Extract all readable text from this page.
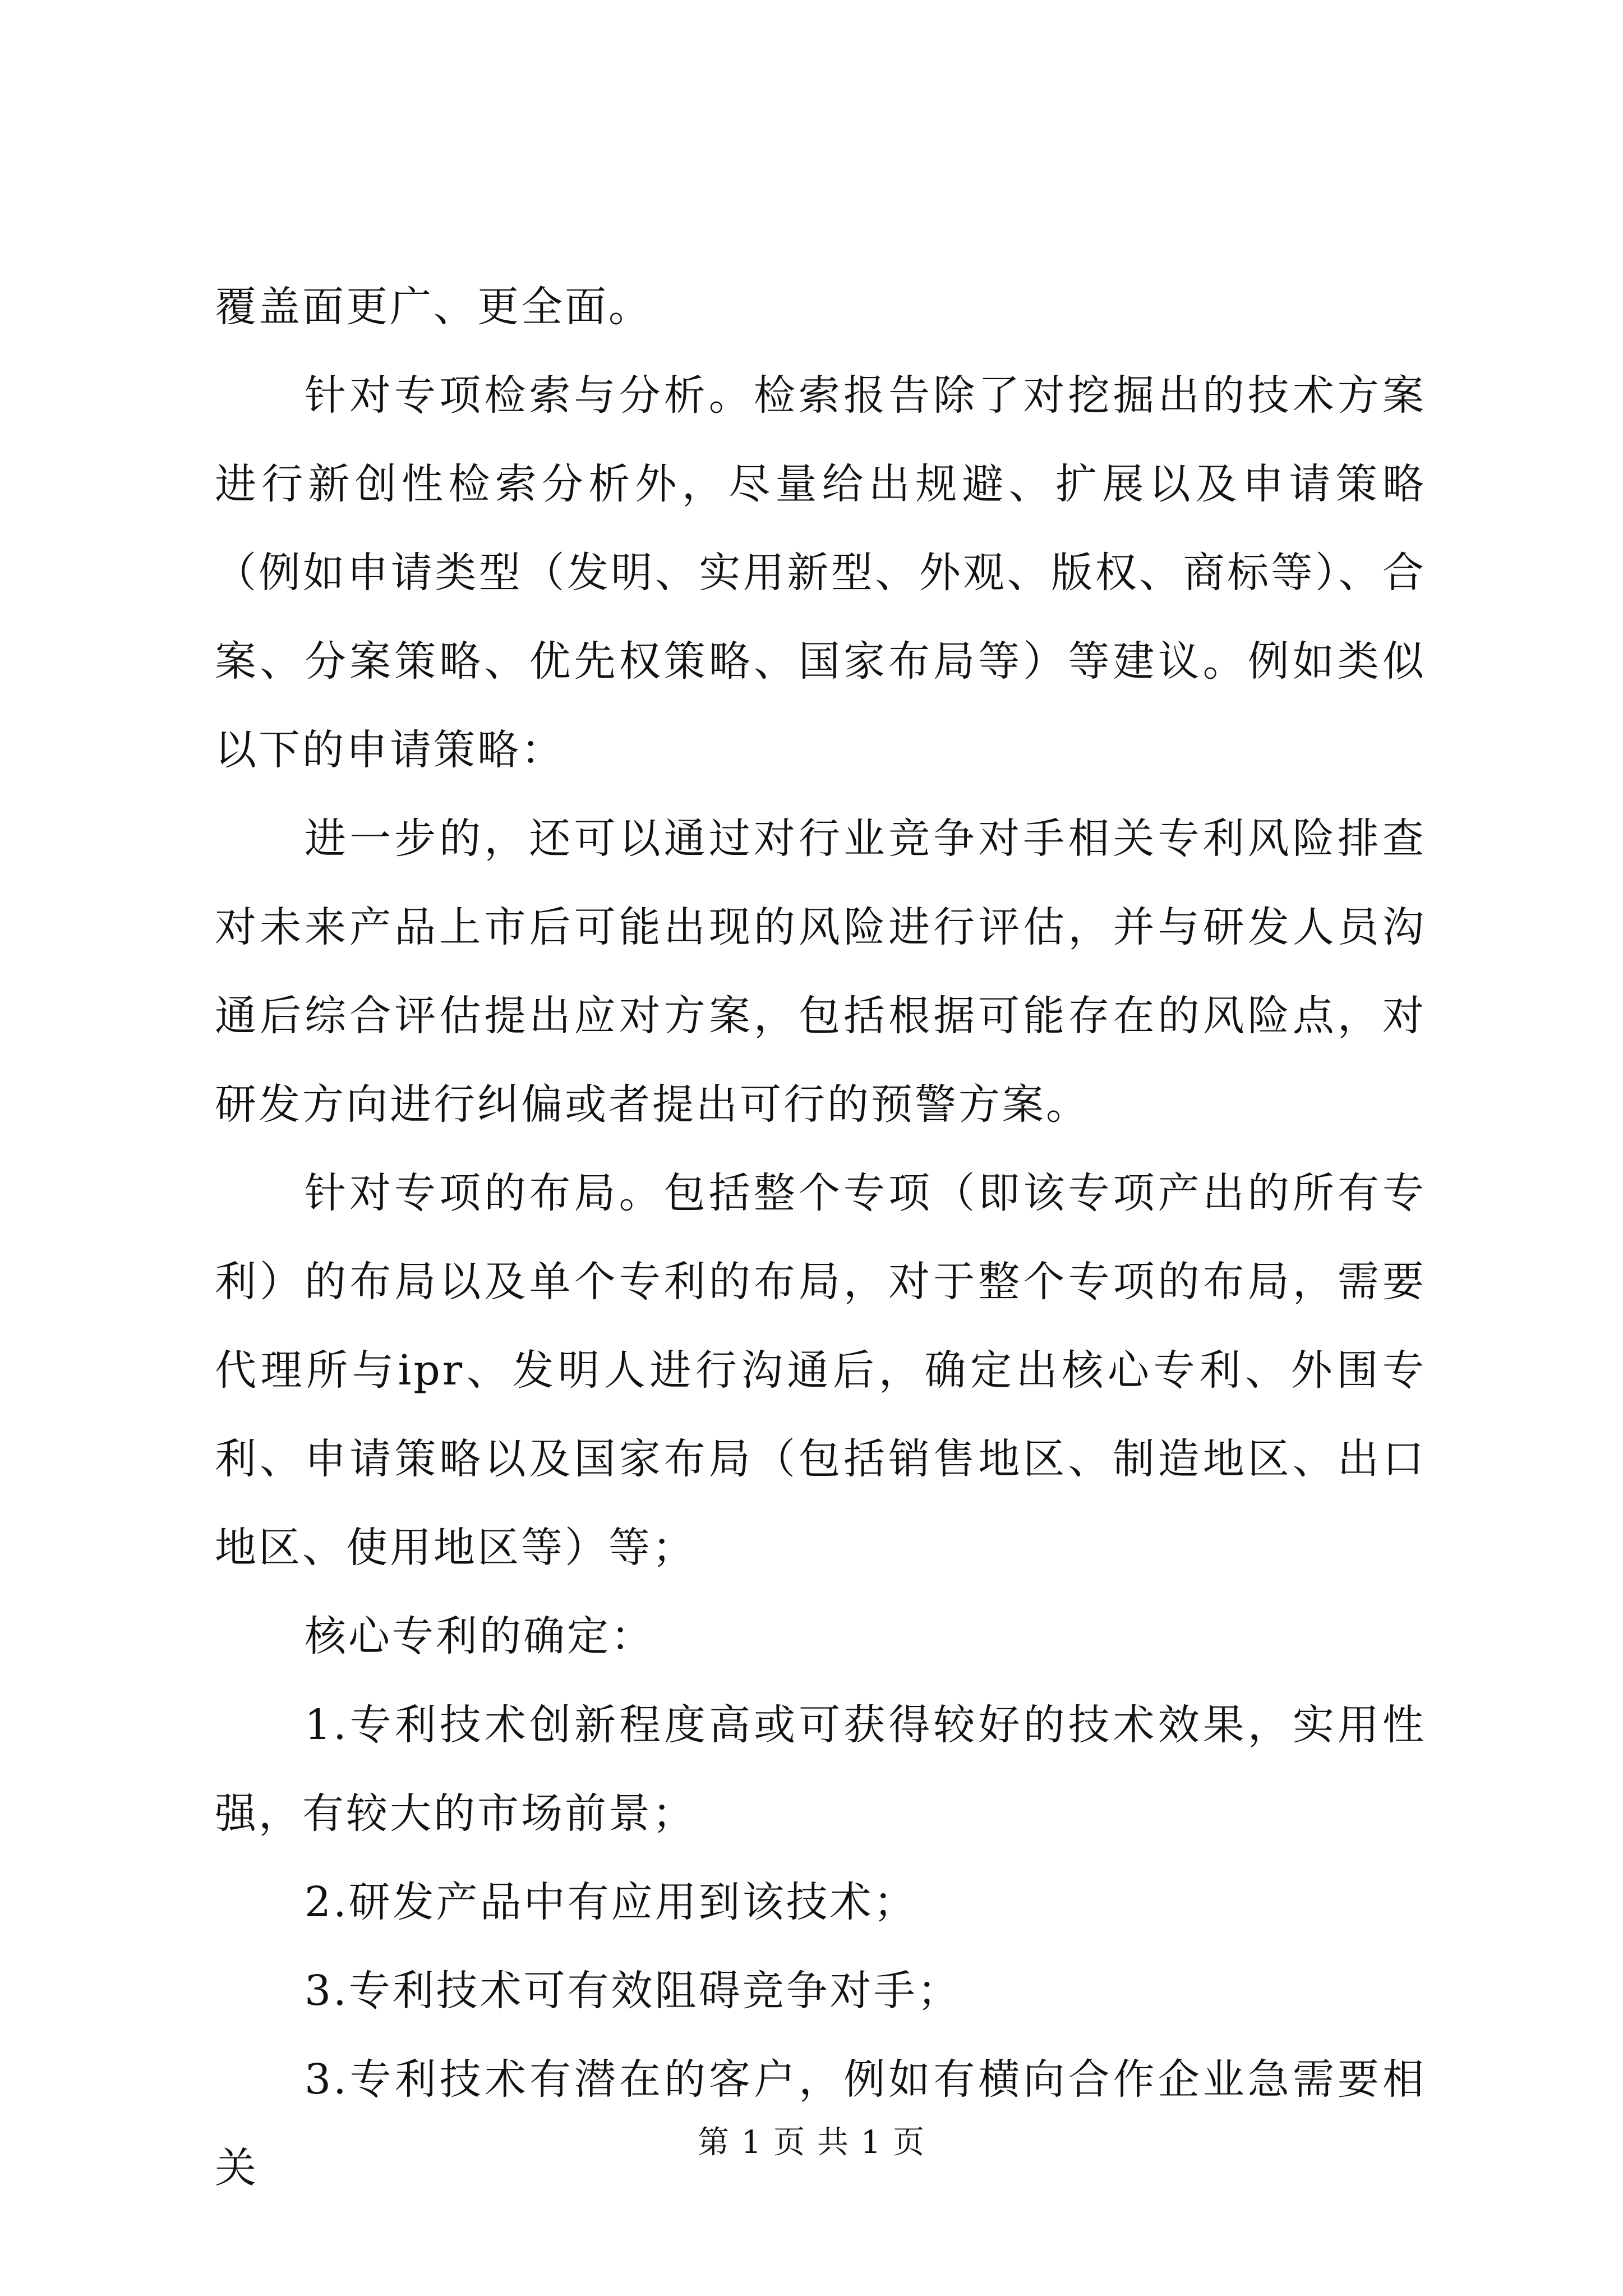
覆盖面更广、更全面。

针对专项检索与分析。检索报告除了对挖掘出的技术方案进行新创性检索分析外，尽量给出规避、扩展以及申请策略（例如申请类型（发明、实用新型、外观、版权、商标等）、合案、分案策略、优先权策略、国家布局等）等建议。例如类似以下的申请策略：

进一步的，还可以通过对行业竞争对手相关专利风险排查对未来产品上市后可能出现的风险进行评估，并与研发人员沟通后综合评估提出应对方案，包括根据可能存在的风险点，对研发方向进行纠偏或者提出可行的预警方案。

针对专项的布局。包括整个专项（即该专项产出的所有专利）的布局以及单个专利的布局，对于整个专项的布局，需要代理所与ipr、发明人进行沟通后，确定出核心专利、外围专利、申请策略以及国家布局（包括销售地区、制造地区、出口地区、使用地区等）等；

核心专利的确定：

1.专利技术创新程度高或可获得较好的技术效果，实用性强，有较大的市场前景；

2.研发产品中有应用到该技术；

3.专利技术可有效阻碍竞争对手；

3.专利技术有潜在的客户，例如有横向合作企业急需要相关

第 1 页 共 1 页
